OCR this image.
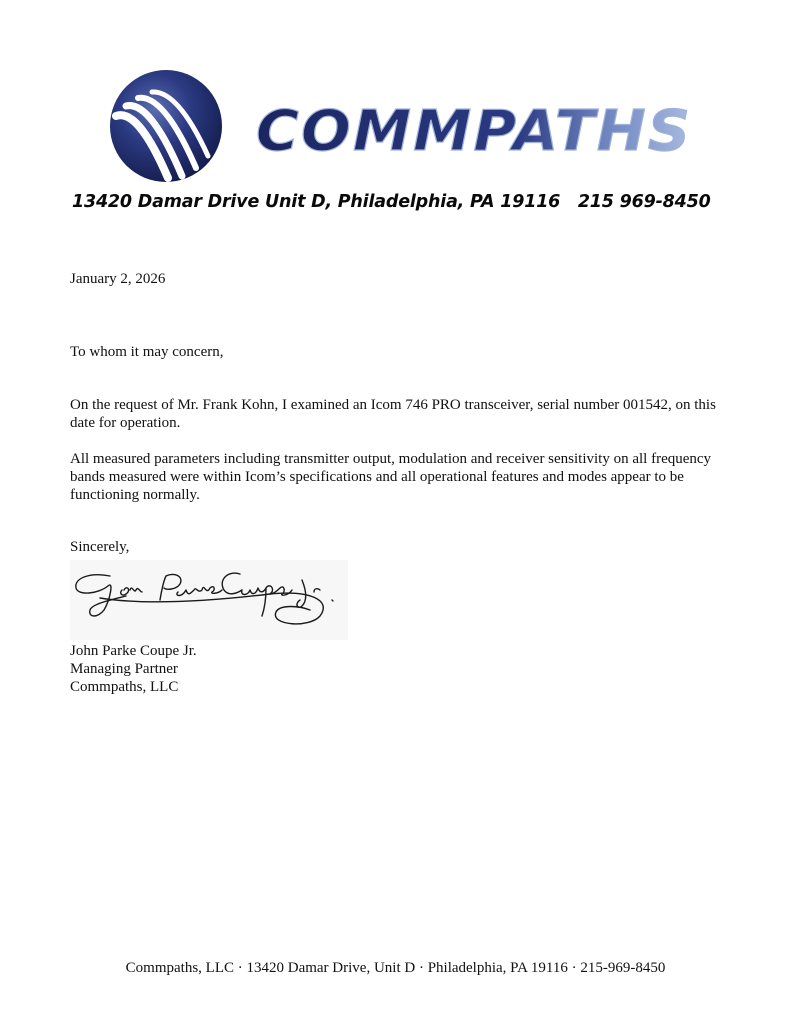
COMMPATHS
13420 Damar Drive Unit D, Philadelphia, PA 19116   215 969-8450
January 2, 2026
To whom it may concern,
On the request of Mr. Frank Kohn, I examined an Icom 746 PRO transceiver, serial number 001542, on this date for operation.
All measured parameters including transmitter output, modulation and receiver sensitivity on all frequency bands measured were within Icom’s specifications and all operational features and modes appear to be functioning normally.
Sincerely,
John Parke Coupe Jr.
Managing Partner
Commpaths, LLC
Commpaths, LLC · 13420 Damar Drive, Unit D · Philadelphia, PA 19116 · 215-969-8450
